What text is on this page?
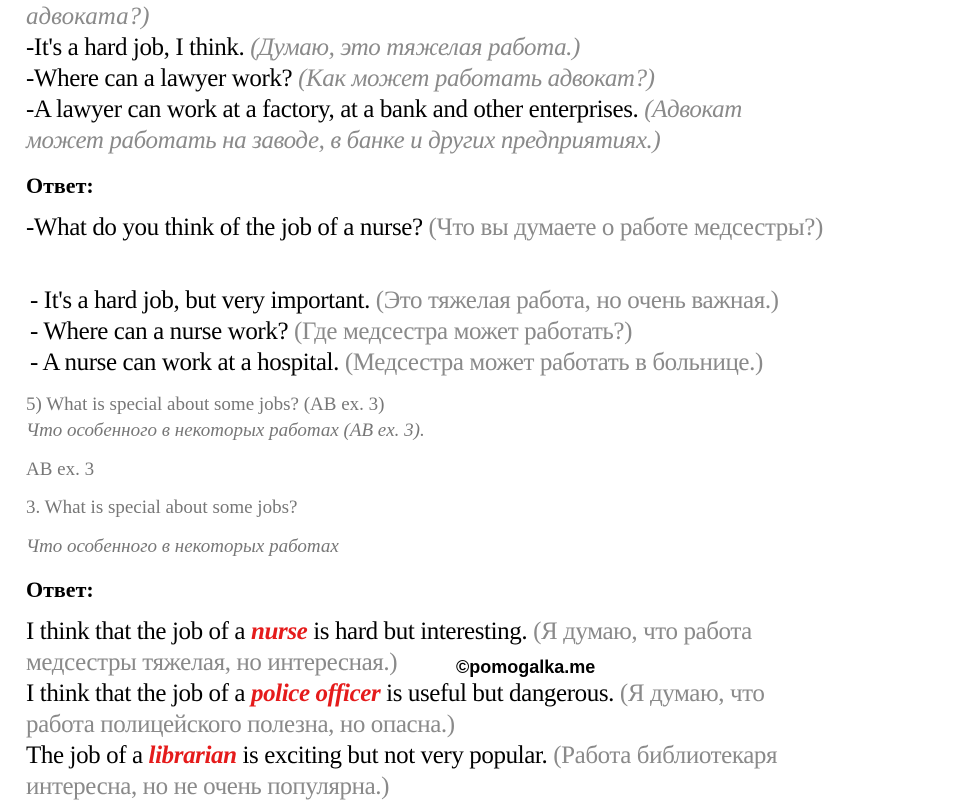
адвоката?)
-It's a hard job, I think. (Думаю, это тяжелая работа.)
-Where can a lawyer work? (Как может работать адвокат?)
-A lawyer can work at a factory, at a bank and other enterprises. (Адвокат
может работать на заводе, в банке и других предприятиях.)
Ответ:
-What do you think of the job of a nurse? (Что вы думаете о работе медсестры?)
- It's a hard job, but very important. (Это тяжелая работа, но очень важная.)
- Where can a nurse work? (Где медсестра может работать?)
- A nurse can work at a hospital. (Медсестра может работать в больнице.)
5) What is special about some jobs? (AB ex. 3)
Что особенного в некоторых работах (AB ex. 3).
AB ex. 3
3. What is special about some jobs?
Что особенного в некоторых работах
Ответ:
I think that the job of a nurse is hard but interesting. (Я думаю, что работа
медсестры тяжелая, но интересная.)
I think that the job of a police officer is useful but dangerous. (Я думаю, что
работа полицейского полезна, но опасна.)
The job of a librarian is exciting but not very popular. (Работа библиотекаря
интересна, но не очень популярна.)
©pomogalka.me
